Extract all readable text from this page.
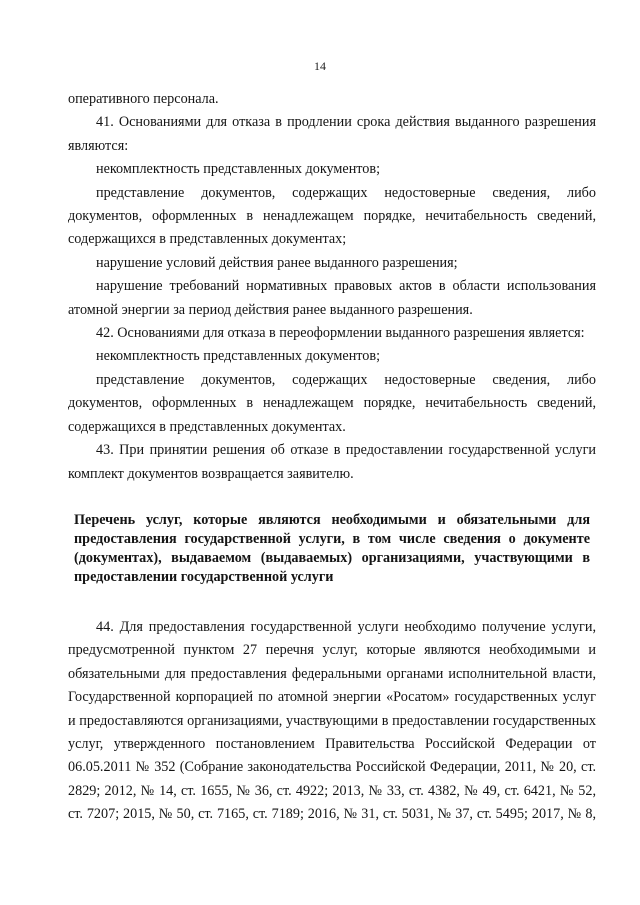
14

оперативного персонала.

41. Основаниями для отказа в продлении срока действия выданного разрешения являются:

некомплектность представленных документов;

представление документов, содержащих недостоверные сведения, либо документов, оформленных в ненадлежащем порядке, нечитабельность сведений, содержащихся в представленных документах;

нарушение условий действия ранее выданного разрешения;

нарушение требований нормативных правовых актов в области использования атомной энергии за период действия ранее выданного разрешения.

42. Основаниями для отказа в переоформлении выданного разрешения является:

некомплектность представленных документов;

представление документов, содержащих недостоверные сведения, либо документов, оформленных в ненадлежащем порядке, нечитабельность сведений, содержащихся в представленных документах.

43. При принятии решения об отказе в предоставлении государственной услуги комплект документов возвращается заявителю.

Перечень услуг, которые являются необходимыми и обязательными для предоставления государственной услуги, в том числе сведения о документе (документах), выдаваемом (выдаваемых) организациями, участвующими в предоставлении государственной услуги

44. Для предоставления государственной услуги необходимо получение услуги, предусмотренной пунктом 27 перечня услуг, которые являются необходимыми и обязательными для предоставления федеральными органами исполнительной власти, Государственной корпорацией по атомной энергии «Росатом» государственных услуг и предоставляются организациями, участвующими в предоставлении государственных услуг, утвержденного постановлением Правительства Российской Федерации от 06.05.2011 № 352 (Собрание законодательства Российской Федерации, 2011, № 20, ст. 2829; 2012, № 14, ст. 1655, № 36, ст. 4922; 2013, № 33, ст. 4382, № 49, ст. 6421, № 52, ст. 7207; 2015, № 50, ст. 7165, ст. 7189; 2016, № 31, ст. 5031, № 37, ст. 5495; 2017, № 8,
